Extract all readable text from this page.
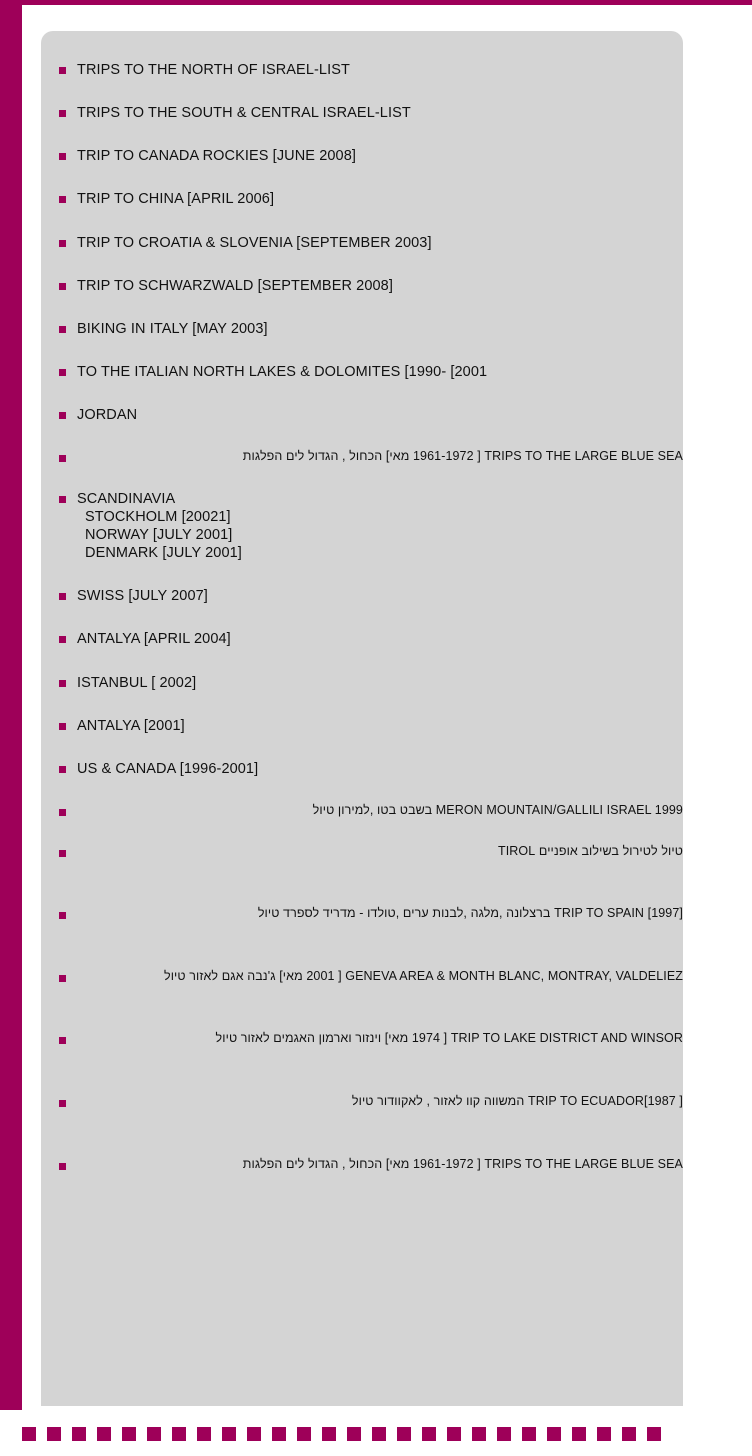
TRIPS TO THE NORTH OF ISRAEL-LIST
TRIPS TO THE SOUTH & CENTRAL ISRAEL-LIST
TRIP TO CANADA ROCKIES [JUNE 2008]
TRIP TO CHINA [APRIL 2006]
TRIP TO CROATIA & SLOVENIA [SEPTEMBER 2003]
TRIP TO SCHWARZWALD [SEPTEMBER 2008]
BIKING IN ITALY [MAY 2003]
TO THE ITALIAN NORTH LAKES & DOLOMITES [1990- [2001
JORDAN
TRIPS TO THE LARGE BLUE SEA [ 1961-1972 מאי] הכחול , הגדול לים הפלגות
SCANDINAVIA
STOCKHOLM [20021]
NORWAY [JULY 2001]
DENMARK [JULY 2001]
SWISS [JULY 2007]
ANTALYA [APRIL 2004]
ISTANBUL [ 2002]
ANTALYA [2001]
US & CANADA [1996-2001]
MERON MOUNTAIN/GALLILI ISRAEL 1999 בשבט בטו ,למירון טיול
טיול לטירול בשילוב אופניים TIROL
TRIP TO SPAIN [1997] ברצלונה ,מלגה ,לבנות ערים ,טולדו - מדריד לספרד טיול
GENEVA AREA & MONTH BLANC, MONTRAY, VALDELIEZ [ 2001 מאי] ג'נבה אגם לאזור טיול
TRIP TO LAKE DISTRICT AND WINSOR [ 1974 מאי] וינזור וארמון האגמים לאזור טיול
TRIP TO ECUADOR[1987 ] המשווה קוו לאזור , לאקוודור טיול
TRIPS TO THE LARGE BLUE SEA [ 1961-1972 מאי] הכחול , הגדול לים הפלגות
